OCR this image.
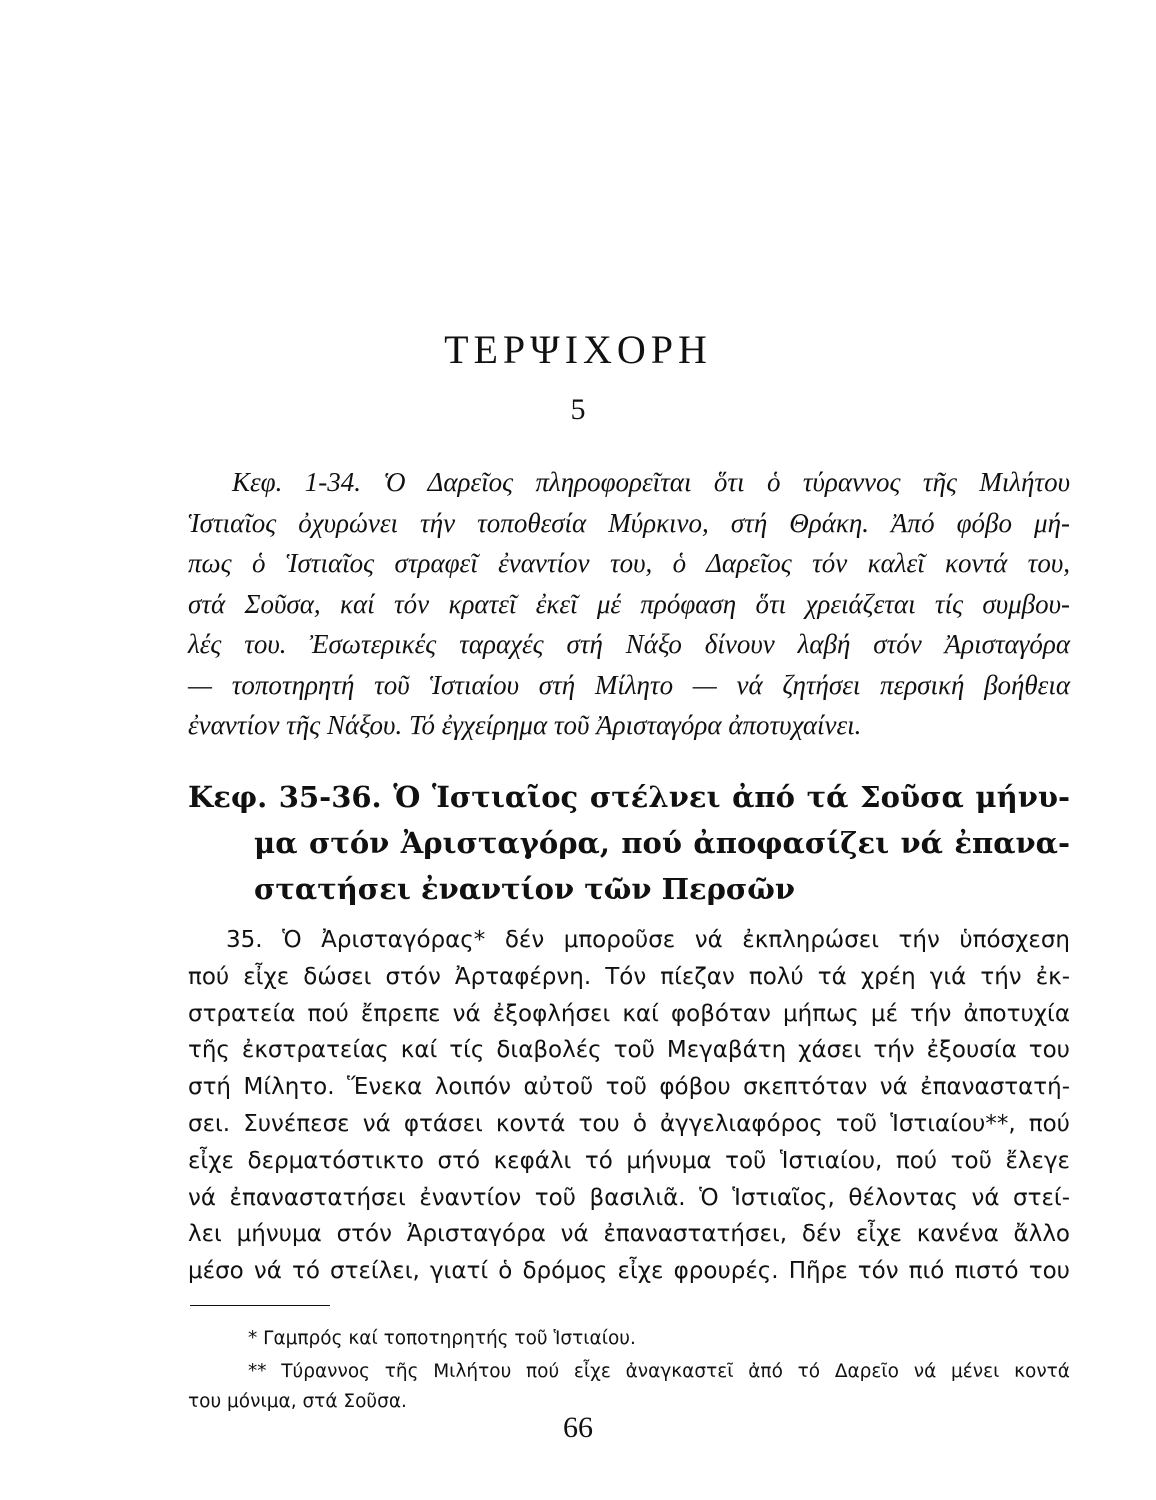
ΤΕΡΨΙΧΟΡΗ
5
Κεφ. 1-34. Ὁ Δαρεῖος πληροφορεῖται ὅτι ὁ τύραννος τῆς Μιλήτου
Ἱστιαῖος ὀχυρώνει τήν τοποθεσία Μύρκινο, στή Θράκη. Ἀπό φόβο μή-
πως ὁ Ἱστιαῖος στραφεῖ ἐναντίον του, ὁ Δαρεῖος τόν καλεῖ κοντά του,
στά Σοῦσα, καί τόν κρατεῖ ἐκεῖ μέ πρόφαση ὅτι χρειάζεται τίς συμβου-
λές του. Ἐσωτερικές ταραχές στή Νάξο δίνουν λαβή στόν Ἀρισταγόρα
— τοποτηρητή τοῦ Ἱστιαίου στή Μίλητο — νά ζητήσει περσική βοήθεια
ἐναντίον τῆς Νάξου. Τό ἐγχείρημα τοῦ Ἀρισταγόρα ἀποτυχαίνει.
Κεφ. 35-36. Ὁ Ἱστιαῖος στέλνει ἀπό τά Σοῦσα μήνυ-
μα στόν Ἀρισταγόρα, πού ἀποφασίζει νά ἐπανα-
στατήσει ἐναντίον τῶν Περσῶν
35. Ὁ Ἀρισταγόρας* δέν μποροῦσε νά ἐκπληρώσει τήν ὑπόσχεση
πού εἶχε δώσει στόν Ἀρταφέρνη. Τόν πίεζαν πολύ τά χρέη γιά τήν ἐκ-
στρατεία πού ἔπρεπε νά ἐξοφλήσει καί φοβόταν μήπως μέ τήν ἀποτυχία
τῆς ἐκστρατείας καί τίς διαβολές τοῦ Μεγαβάτη χάσει τήν ἐξουσία του
στή Μίλητο. Ἕνεκα λοιπόν αὐτοῦ τοῦ φόβου σκεπτόταν νά ἐπαναστατή-
σει. Συνέπεσε νά φτάσει κοντά του ὁ ἀγγελιαφόρος τοῦ Ἱστιαίου**, πού
εἶχε δερματόστικτο στό κεφάλι τό μήνυμα τοῦ Ἱστιαίου, πού τοῦ ἔλεγε
νά ἐπαναστατήσει ἐναντίον τοῦ βασιλιᾶ. Ὁ Ἱστιαῖος, θέλοντας νά στεί-
λει μήνυμα στόν Ἀρισταγόρα νά ἐπαναστατήσει, δέν εἶχε κανένα ἄλλο
μέσο νά τό στείλει, γιατί ὁ δρόμος εἶχε φρουρές. Πῆρε τόν πιό πιστό του
* Γαμπρός καί τοποτηρητής τοῦ Ἱστιαίου.
** Τύραννος τῆς Μιλήτου πού εἶχε ἀναγκαστεῖ ἀπό τό Δαρεῖο νά μένει κοντά
του μόνιμα, στά Σοῦσα.
66
